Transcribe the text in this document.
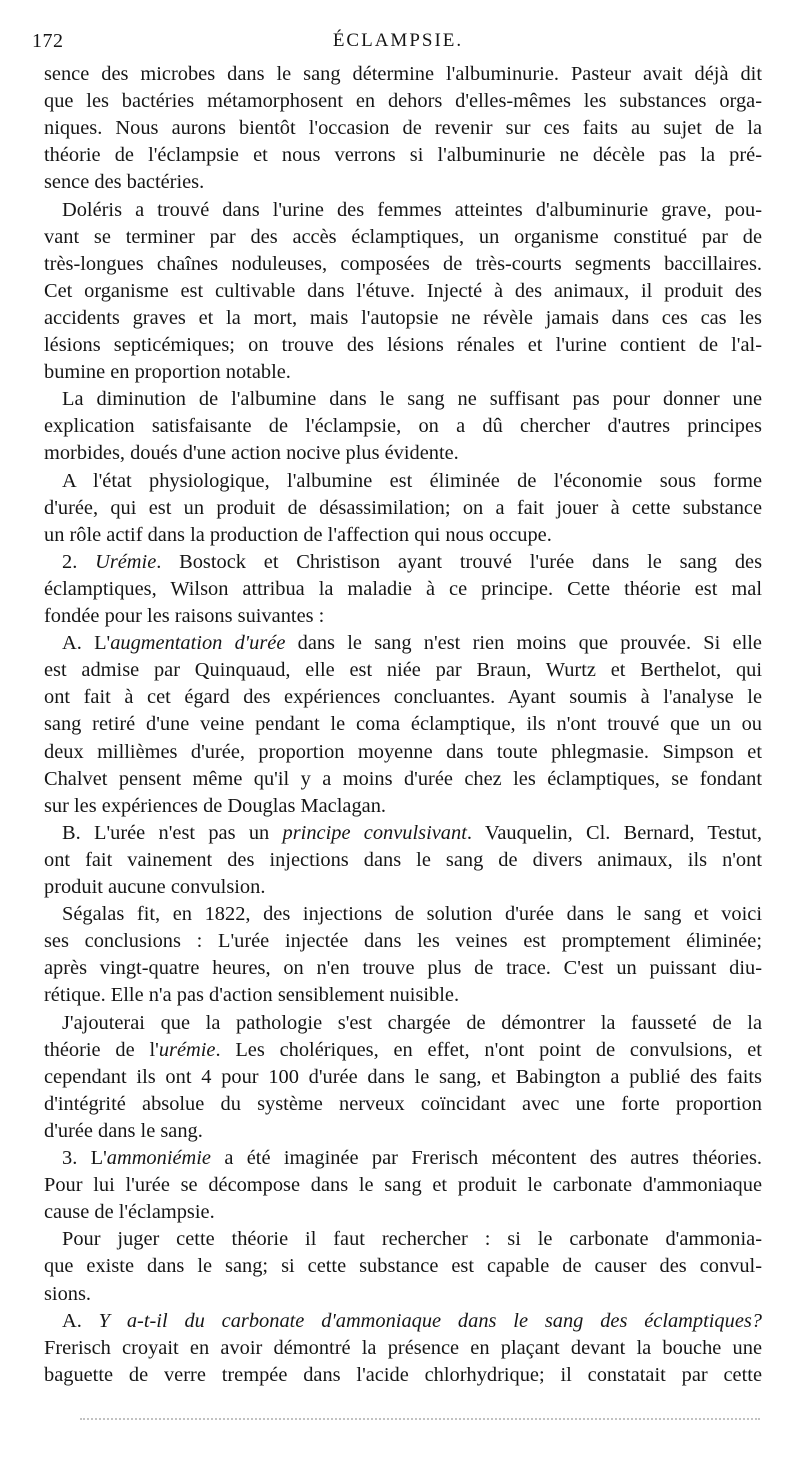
172	ÉCLAMPSIE.
sence des microbes dans le sang détermine l'albuminurie. Pasteur avait déjà dit
que les bactéries métamorphosent en dehors d'elles-mêmes les substances orga-
niques. Nous aurons bientôt l'occasion de revenir sur ces faits au sujet de la
théorie de l'éclampsie et nous verrons si l'albuminurie ne décèle pas la pré-
sence des bactéries.
Doléris a trouvé dans l'urine des femmes atteintes d'albuminurie grave, pou-
vant se terminer par des accès éclamptiques, un organisme constitué par de
très-longues chaînes noduleuses, composées de très-courts segments baccillaires.
Cet organisme est cultivable dans l'étuve. Injecté à des animaux, il produit des
accidents graves et la mort, mais l'autopsie ne révèle jamais dans ces cas les
lésions septicémiques; on trouve des lésions rénales et l'urine contient de l'al-
bumine en proportion notable.
La diminution de l'albumine dans le sang ne suffisant pas pour donner une
explication satisfaisante de l'éclampsie, on a dû chercher d'autres principes
morbides, doués d'une action nocive plus évidente.
A l'état physiologique, l'albumine est éliminée de l'économie sous forme
d'urée, qui est un produit de désassimilation; on a fait jouer à cette substance
un rôle actif dans la production de l'affection qui nous occupe.
2. Urémie. Bostock et Christison ayant trouvé l'urée dans le sang des
éclamptiques, Wilson attribua la maladie à ce principe. Cette théorie est mal
fondée pour les raisons suivantes :
A. L'augmentation d'urée dans le sang n'est rien moins que prouvée. Si elle
est admise par Quinquaud, elle est niée par Braun, Wurtz et Berthelot, qui
ont fait à cet égard des expériences concluantes. Ayant soumis à l'analyse le
sang retiré d'une veine pendant le coma éclamptique, ils n'ont trouvé que un ou
deux millièmes d'urée, proportion moyenne dans toute phlegmasie. Simpson et
Chalvet pensent même qu'il y a moins d'urée chez les éclamptiques, se fondant
sur les expériences de Douglas Maclagan.
B. L'urée n'est pas un principe convulsivant. Vauquelin, Cl. Bernard, Testut,
ont fait vainement des injections dans le sang de divers animaux, ils n'ont
produit aucune convulsion.
Ségalas fit, en 1822, des injections de solution d'urée dans le sang et voici
ses conclusions : L'urée injectée dans les veines est promptement éliminée;
après vingt-quatre heures, on n'en trouve plus de trace. C'est un puissant diu-
rétique. Elle n'a pas d'action sensiblement nuisible.
J'ajouterai que la pathologie s'est chargée de démontrer la fausseté de la
théorie de l'urémie. Les cholériques, en effet, n'ont point de convulsions, et
cependant ils ont 4 pour 100 d'urée dans le sang, et Babington a publié des faits
d'intégrité absolue du système nerveux coïncidant avec une forte proportion
d'urée dans le sang.
3. L'ammoniémie a été imaginée par Frerisch mécontent des autres théories.
Pour lui l'urée se décompose dans le sang et produit le carbonate d'ammoniaque
cause de l'éclampsie.
Pour juger cette théorie il faut rechercher : si le carbonate d'ammonia-
que existe dans le sang; si cette substance est capable de causer des convul-
sions.
A. Y a-t-il du carbonate d'ammoniaque dans le sang des éclamptiques?
Frerisch croyait en avoir démontré la présence en plaçant devant la bouche une
baguette de verre trempée dans l'acide chlorhydrique; il constatait par cette
